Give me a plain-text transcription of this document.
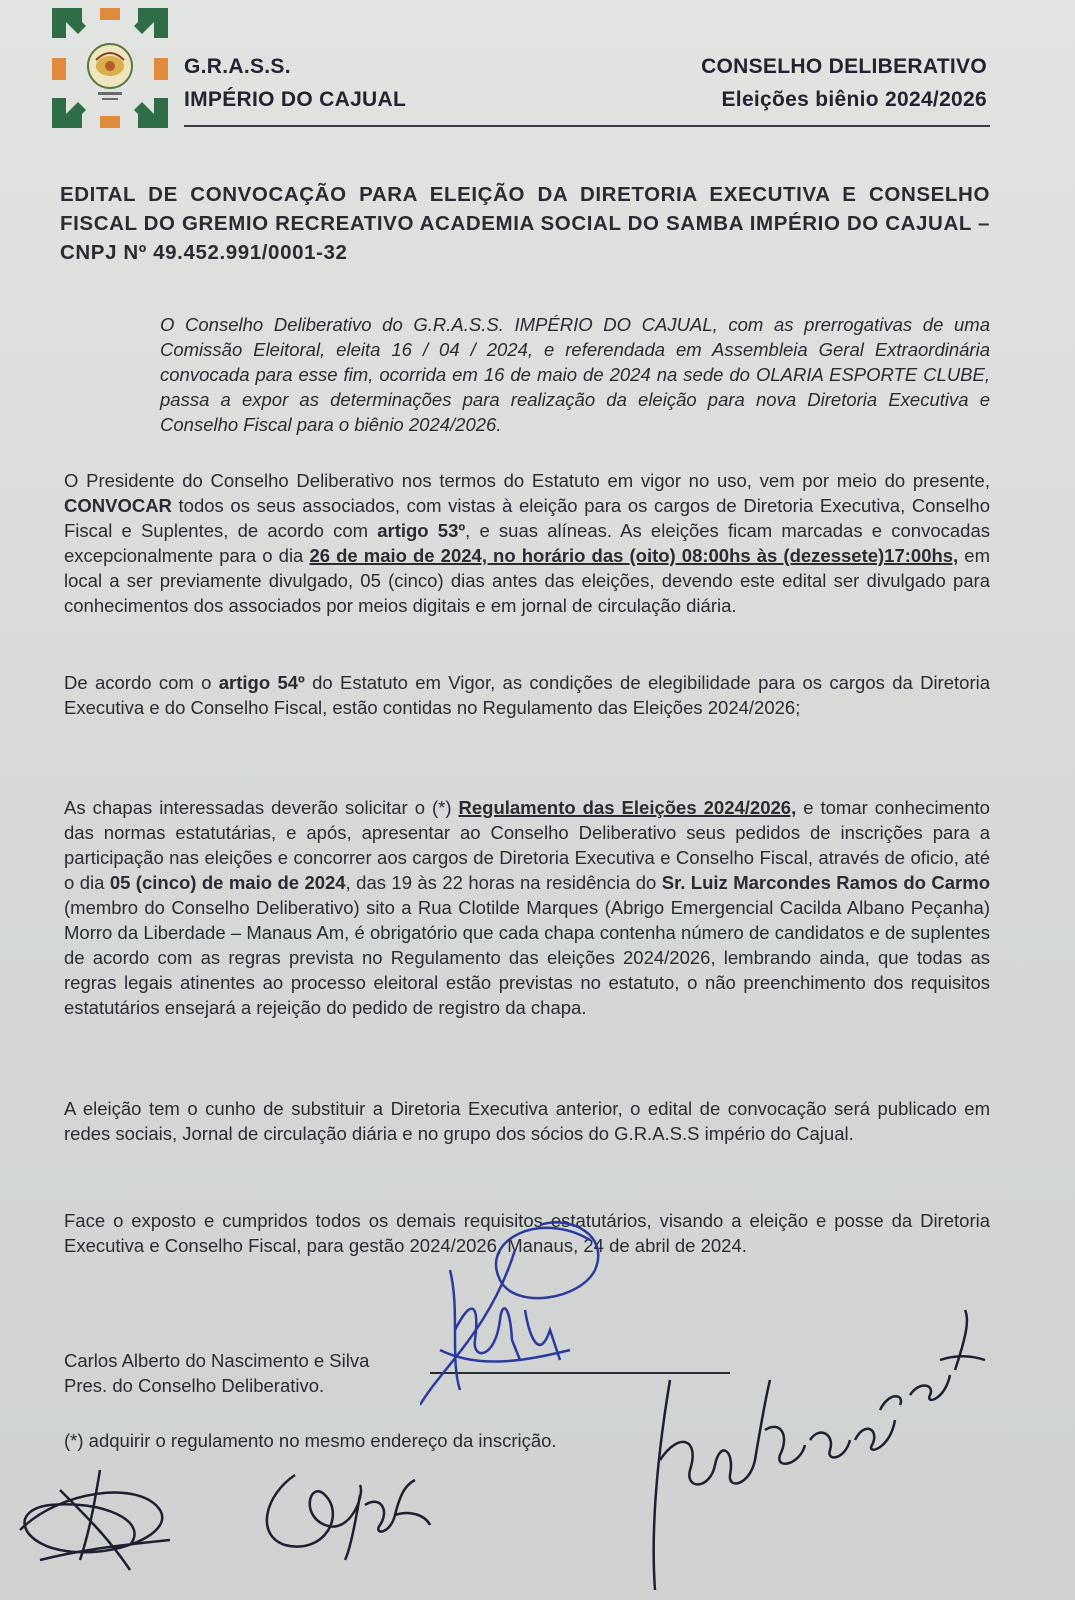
G.R.A.S.S.
IMPÉRIO DO CAJUAL
CONSELHO DELIBERATIVO
Eleições biênio 2024/2026
EDITAL DE CONVOCAÇÃO PARA ELEIÇÃO DA DIRETORIA EXECUTIVA E CONSELHO FISCAL DO GREMIO RECREATIVO ACADEMIA SOCIAL DO SAMBA IMPÉRIO DO CAJUAL – CNPJ Nº 49.452.991/0001-32
O Conselho Deliberativo do G.R.A.S.S. IMPÉRIO DO CAJUAL, com as prerrogativas de uma Comissão Eleitoral, eleita 16 / 04 / 2024, e referendada em Assembleia Geral Extraordinária convocada para esse fim, ocorrida em 16 de maio de 2024 na sede do OLARIA ESPORTE CLUBE, passa a expor as determinações para realização da eleição para nova Diretoria Executiva e Conselho Fiscal para o biênio 2024/2026.
O Presidente do Conselho Deliberativo nos termos do Estatuto em vigor no uso, vem por meio do presente, CONVOCAR todos os seus associados, com vistas à eleição para os cargos de Diretoria Executiva, Conselho Fiscal e Suplentes, de acordo com artigo 53º, e suas alíneas. As eleições ficam marcadas e convocadas excepcionalmente para o dia 26 de maio de 2024, no horário das (oito) 08:00hs às (dezessete)17:00hs, em local a ser previamente divulgado, 05 (cinco) dias antes das eleições, devendo este edital ser divulgado para conhecimentos dos associados por meios digitais e em jornal de circulação diária.
De acordo com o artigo 54º do Estatuto em Vigor, as condições de elegibilidade para os cargos da Diretoria Executiva e do Conselho Fiscal, estão contidas no Regulamento das Eleições 2024/2026;
As chapas interessadas deverão solicitar o (*) Regulamento das Eleições 2024/2026, e tomar conhecimento das normas estatutárias, e após, apresentar ao Conselho Deliberativo seus pedidos de inscrições para a participação nas eleições e concorrer aos cargos de Diretoria Executiva e Conselho Fiscal, através de oficio, até o dia 05 (cinco) de maio de 2024, das 19 às 22 horas na residência do Sr. Luiz Marcondes Ramos do Carmo (membro do Conselho Deliberativo) sito a Rua Clotilde Marques (Abrigo Emergencial Cacilda Albano Peçanha) Morro da Liberdade – Manaus Am, é obrigatório que cada chapa contenha número de candidatos e de suplentes de acordo com as regras prevista no Regulamento das eleições 2024/2026, lembrando ainda, que todas as regras legais atinentes ao processo eleitoral estão previstas no estatuto, o não preenchimento dos requisitos estatutários ensejará a rejeição do pedido de registro da chapa.
A eleição tem o cunho de substituir a Diretoria Executiva anterior, o edital de convocação será publicado em redes sociais, Jornal de circulação diária e no grupo dos sócios do G.R.A.S.S império do Cajual.
Face o exposto e cumpridos todos os demais requisitos estatutários, visando a eleição e posse da Diretoria Executiva e Conselho Fiscal, para gestão 2024/2026, Manaus, 24 de abril de 2024.
Carlos Alberto do Nascimento e Silva
Pres. do Conselho Deliberativo.
(*) adquirir o regulamento no mesmo endereço da inscrição.
